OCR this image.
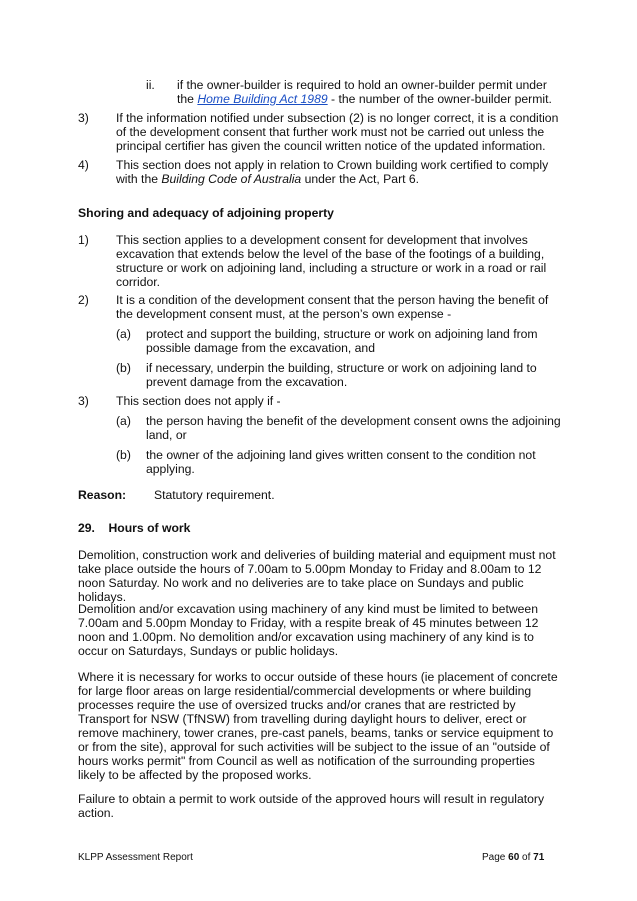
ii. if the owner-builder is required to hold an owner-builder permit under the Home Building Act 1989 - the number of the owner-builder permit.
3) If the information notified under subsection (2) is no longer correct, it is a condition of the development consent that further work must not be carried out unless the principal certifier has given the council written notice of the updated information.
4) This section does not apply in relation to Crown building work certified to comply with the Building Code of Australia under the Act, Part 6.
Shoring and adequacy of adjoining property
1) This section applies to a development consent for development that involves excavation that extends below the level of the base of the footings of a building, structure or work on adjoining land, including a structure or work in a road or rail corridor.
2) It is a condition of the development consent that the person having the benefit of the development consent must, at the person’s own expense -
(a) protect and support the building, structure or work on adjoining land from possible damage from the excavation, and
(b) if necessary, underpin the building, structure or work on adjoining land to prevent damage from the excavation.
3) This section does not apply if -
(a) the person having the benefit of the development consent owns the adjoining land, or
(b) the owner of the adjoining land gives written consent to the condition not applying.
Reason: Statutory requirement.
29.    Hours of work
Demolition, construction work and deliveries of building material and equipment must not take place outside the hours of 7.00am to 5.00pm Monday to Friday and 8.00am to 12 noon Saturday. No work and no deliveries are to take place on Sundays and public holidays.
Demolition and/or excavation using machinery of any kind must be limited to between 7.00am and 5.00pm Monday to Friday, with a respite break of 45 minutes between 12 noon and 1.00pm. No demolition and/or excavation using machinery of any kind is to occur on Saturdays, Sundays or public holidays.
Where it is necessary for works to occur outside of these hours (ie placement of concrete for large floor areas on large residential/commercial developments or where building processes require the use of oversized trucks and/or cranes that are restricted by Transport for NSW (TfNSW) from travelling during daylight hours to deliver, erect or remove machinery, tower cranes, pre-cast panels, beams, tanks or service equipment to or from the site), approval for such activities will be subject to the issue of an "outside of hours works permit" from Council as well as notification of the surrounding properties likely to be affected by the proposed works.
Failure to obtain a permit to work outside of the approved hours will result in regulatory action.
KLPP Assessment Report	Page 60 of 71
